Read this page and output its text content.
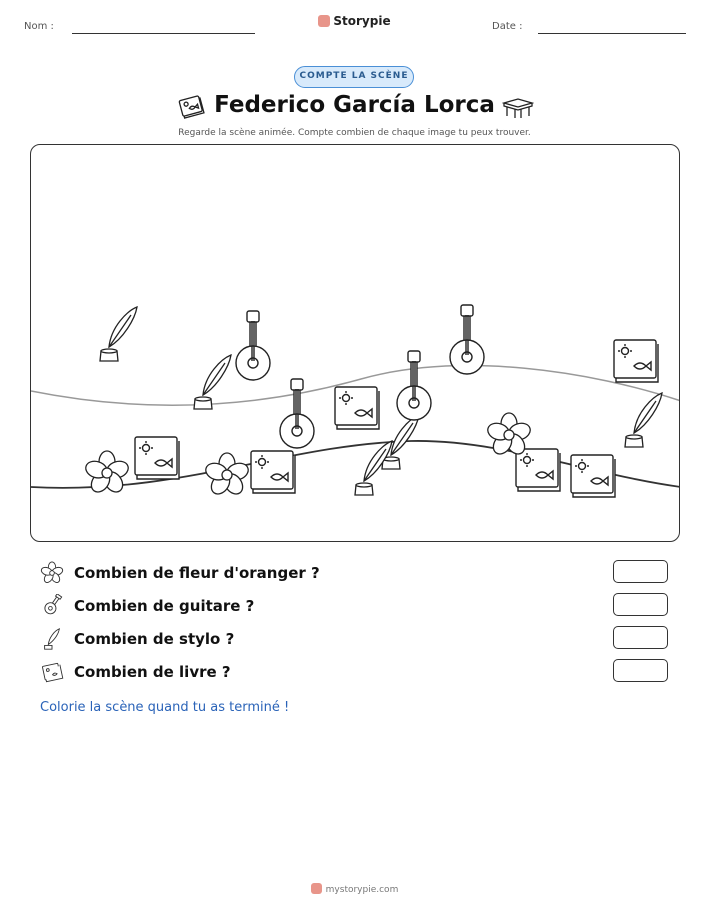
Nom :	Storypie	Date :
COMPTE LA SCÈNE
Federico García Lorca
Regarde la scène animée. Compte combien de chaque image tu peux trouver.
Combien de fleur d'oranger ?
Combien de guitare ?
Combien de stylo ?
Combien de livre ?
Colorie la scène quand tu as terminé !
mystorypie.com
